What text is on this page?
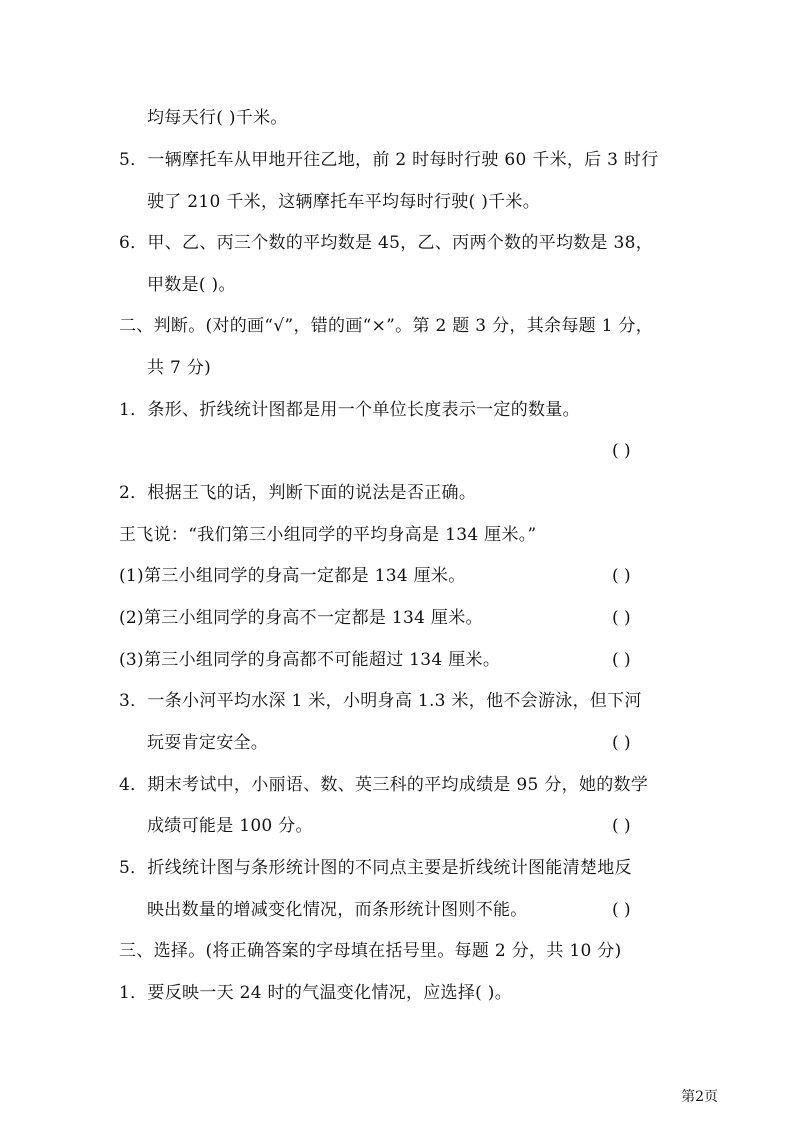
均每天行( )千米。
5．一辆摩托车从甲地开往乙地，前 2 时每时行驶 60 千米，后 3 时行
驶了 210 千米，这辆摩托车平均每时行驶( )千米。
6．甲、乙、丙三个数的平均数是 45，乙、丙两个数的平均数是 38，
甲数是( )。
二、判断。(对的画“√”，错的画“×”。第 2 题 3 分，其余每题 1 分，
共 7 分)
1．条形、折线统计图都是用一个单位长度表示一定的数量。
( )
2．根据王飞的话，判断下面的说法是否正确。
王飞说：“我们第三小组同学的平均身高是 134 厘米。”
(1)第三小组同学的身高一定都是 134 厘米。	( )
(2)第三小组同学的身高不一定都是 134 厘米。	( )
(3)第三小组同学的身高都不可能超过 134 厘米。	( )
3．一条小河平均水深 1 米，小明身高 1.3 米，他不会游泳，但下河
玩耍肯定安全。	( )
4．期末考试中，小丽语、数、英三科的平均成绩是 95 分，她的数学
成绩可能是 100 分。	( )
5．折线统计图与条形统计图的不同点主要是折线统计图能清楚地反
映出数量的增减变化情况，而条形统计图则不能。	( )
三、选择。(将正确答案的字母填在括号里。每题 2 分，共 10 分)
1．要反映一天 24 时的气温变化情况，应选择( )。
第2页
